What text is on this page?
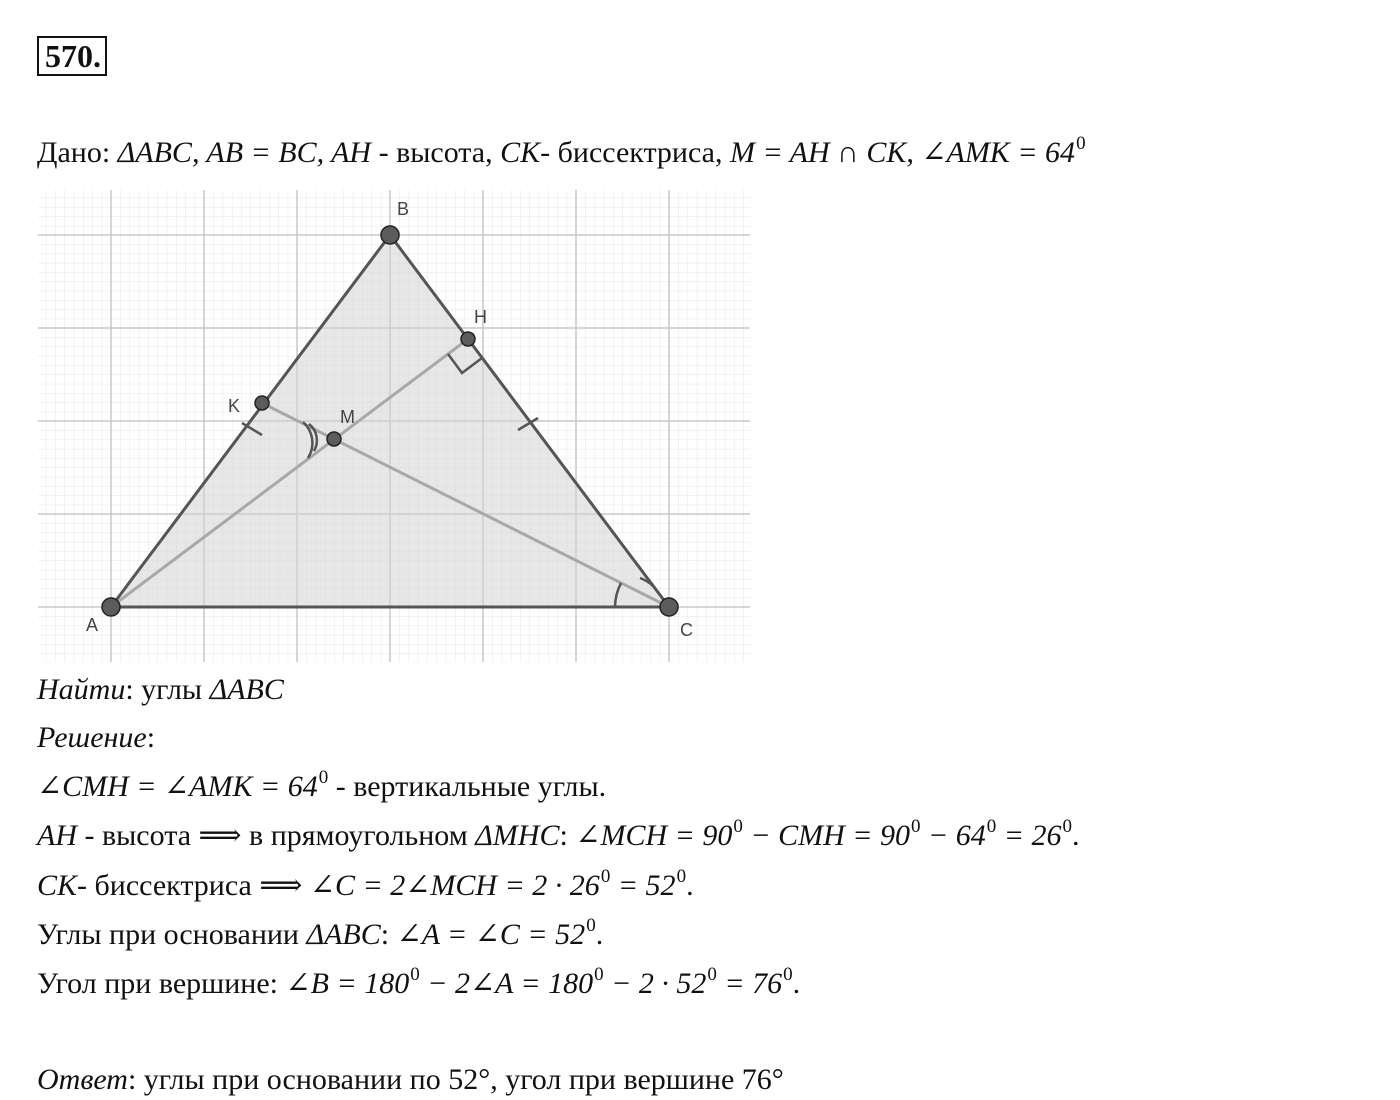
570.
Дано: ΔABC, AB = BC, AH - высота, CK- биссектриса, M = AH ∩ CK, ∠AMK = $64^0$
A
B
C
H
K
M
Найти: углы ΔABC
Решение:
∠CMH = ∠AMK = $64^0$ - вертикальные углы.
AH - высота ⟹ в прямоугольном ΔMHC: ∠MCH = $90^0$ − CMH = $90^0 - 64^0 = 26^0$.
CK- биссектриса ⟹ ∠C = 2∠MCH = $2 \cdot 26^0 = 52^0$.
Углы при основании ΔABC: ∠A = ∠C = $52^0$.
Угол при вершине: ∠B = $180^0$ − 2∠A = $180^0 - 2 \cdot 52^0 = 76^0$.
Ответ: углы при основании по 52°, угол при вершине 76°
